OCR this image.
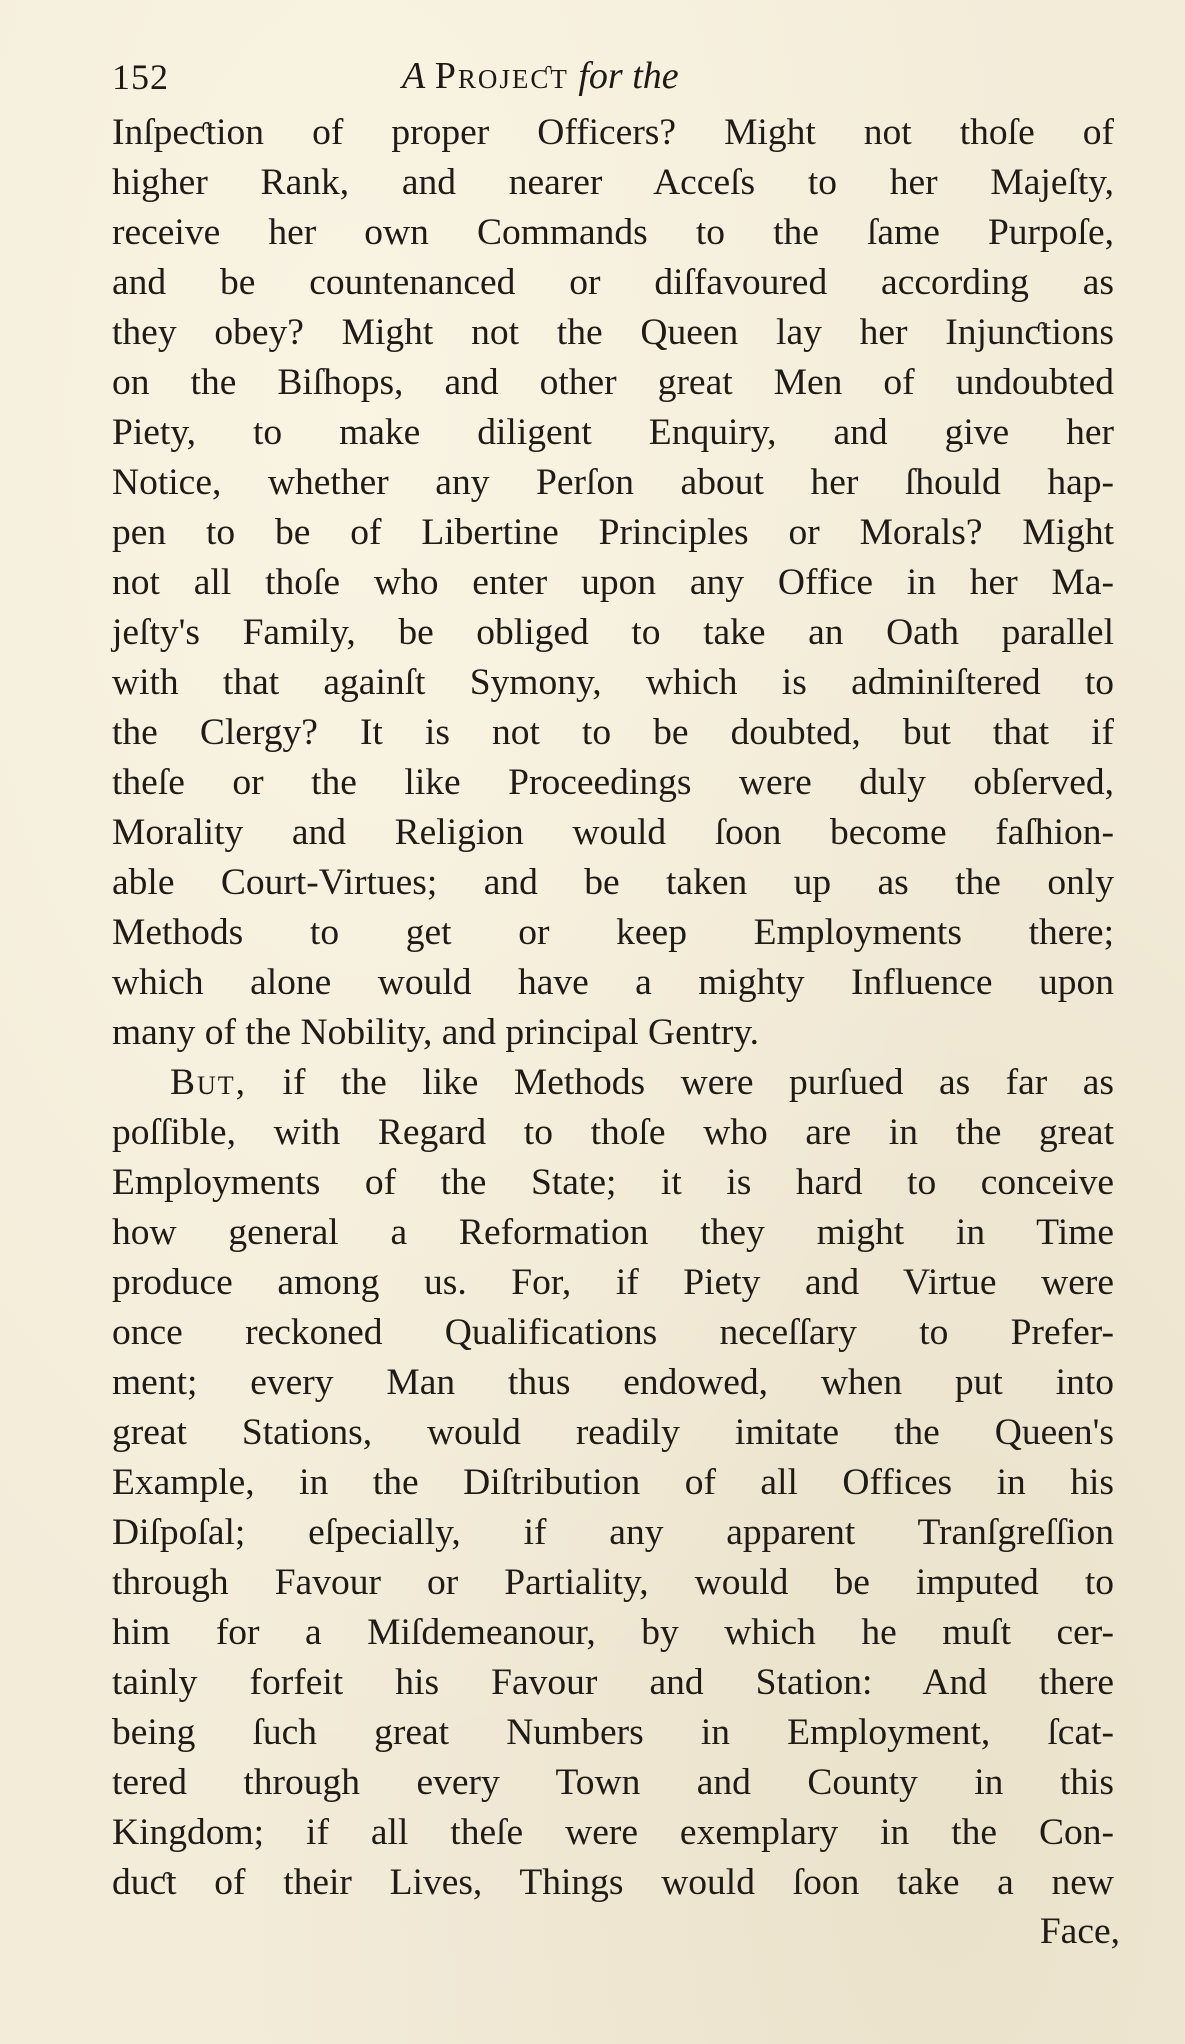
152	A Projeƈt for the
Inſpeƈtion of proper Officers? Might not thoſe of
higher Rank, and nearer Acceſs to her Majeſty,
receive her own Commands to the ſame Purpoſe,
and be countenanced or diſfavoured according as
they obey? Might not the Queen lay her Injunƈtions
on the Biſhops, and other great Men of undoubted
Piety, to make diligent Enquiry, and give her
Notice, whether any Perſon about her ſhould hap-
pen to be of Libertine Principles or Morals? Might
not all thoſe who enter upon any Office in her Ma-
jeſty's Family, be obliged to take an Oath parallel
with that againſt Symony, which is adminiſtered to
the Clergy? It is not to be doubted, but that if
theſe or the like Proceedings were duly obſerved,
Morality and Religion would ſoon become faſhion-
able Court-Virtues; and be taken up as the only
Methods to get or keep Employments there;
which alone would have a mighty Influence upon
many of the Nobility, and principal Gentry.
But, if the like Methods were purſued as far as
poſſible, with Regard to thoſe who are in the great
Employments of the State; it is hard to conceive
how general a Reformation they might in Time
produce among us. For, if Piety and Virtue were
once reckoned Qualifications neceſſary to Prefer-
ment; every Man thus endowed, when put into
great Stations, would readily imitate the Queen's
Example, in the Diſtribution of all Offices in his
Diſpoſal; eſpecially, if any apparent Tranſgreſſion
through Favour or Partiality, would be imputed to
him for a Miſdemeanour, by which he muſt cer-
tainly forfeit his Favour and Station: And there
being ſuch great Numbers in Employment, ſcat-
tered through every Town and County in this
Kingdom; if all theſe were exemplary in the Con-
duƈt of their Lives, Things would ſoon take a new
Face,
